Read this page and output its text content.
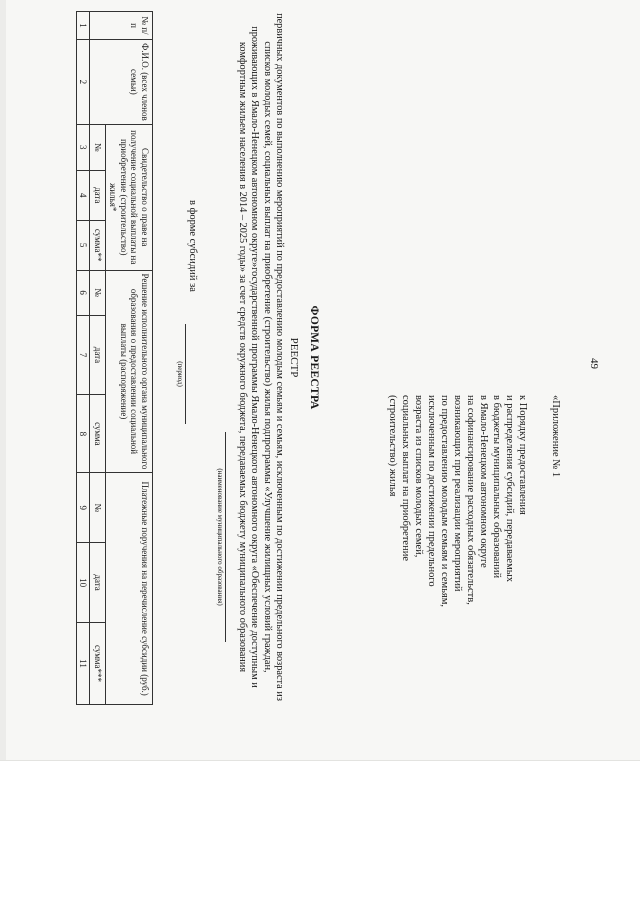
49
«Приложение № 1
к Порядку предоставления
и распределения субсидий, передаваемых
в бюджеты муниципальных образований
в Ямало-Ненецком автономном округе
на софинансирование расходных обязательств,
возникающих при реализации мероприятий
по предоставлению молодым семьям и семьям,
исключенным по достижении предельного
возраста из списков молодых семей,
социальных выплат на приобретение
(строительство) жилья
ФОРМА РЕЕСТРА
РЕЕСТР
первичных документов по выполнению мероприятий по предоставлению молодым семьям и семьям, исключенным по достижении предельного возраста из списков молодых семей, социальных выплат на приобретение (строительство) жилья подпрограммы «Улучшение жилищных условий граждан, проживающих в Ямало-Ненецком автономном округе»государственной программы Ямало-Ненецкого автономного округа «Обеспечение доступным и комфортным жильем населения в 2014 – 2025 годы» за счет средств окружного бюджета, передаваемых бюджету муниципального образования
(наименование муниципального образования)
в форме субсидий за
(период)
№ п/п	Ф.И.О. (всех членов семьи)	Свидетельство о праве на получение социальной выплаты на приобретение (строительство) жилья*			Решение исполнительного органа муниципального образования о предоставлении социальной выплаты (распоряжение)			Платежные поручения на перечисление субсидии (руб.)		
		№	дата	сумма**	№	дата	сумма	№	дата	сумма***
1	2	3	4	5	6	7	8	9	10	11
